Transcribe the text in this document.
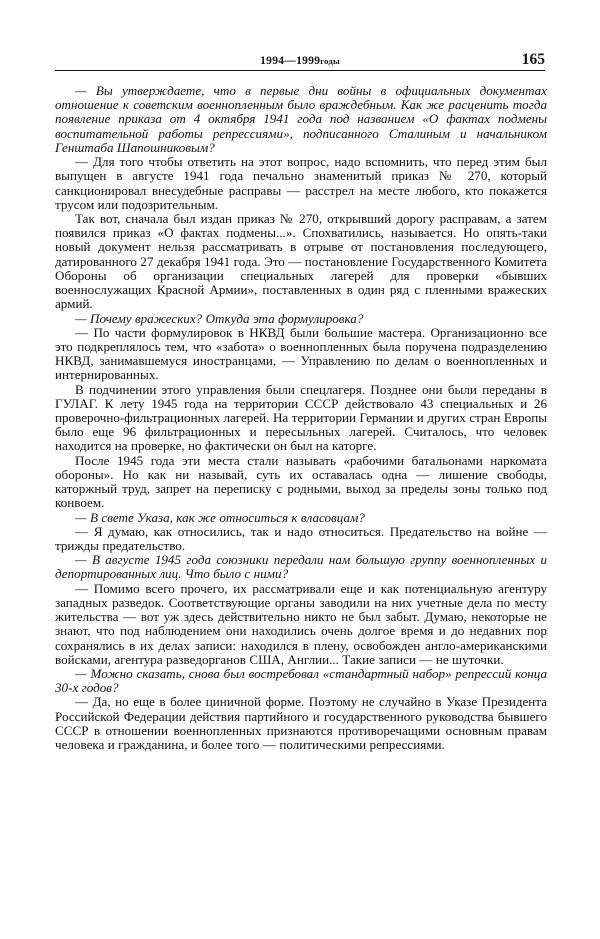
1994—1999годы	165

— Вы утверждаете, что в первые дни войны в официальных документах отношение к советским военнопленным было враждебным. Как же расценить тогда появление приказа от 4 октября 1941 года под названием «О фактах подмены воспитательной работы репрессиями», подписанного Сталиным и начальником Генштаба Шапошниковым?

— Для того чтобы ответить на этот вопрос, надо вспомнить, что перед этим был выпущен в августе 1941 года печально знаменитый приказ № 270, который санкционировал внесудебные расправы — расстрел на месте любого, кто покажется трусом или подозрительным.

Так вот, сначала был издан приказ № 270, открывший дорогу расправам, а затем появился приказ «О фактах подмены...». Спохватились, называется. Но опять-таки новый документ нельзя рассматривать в отрыве от постановления последующего, датированного 27 декабря 1941 года. Это — постановление Государственного Комитета Обороны об организации специальных лагерей для проверки «бывших военнослужащих Красной Армии», поставленных в один ряд с пленными вражеских армий.

— Почему вражеских? Откуда эта формулировка?

— По части формулировок в НКВД были большие мастера. Организационно все это подкреплялось тем, что «забота» о военнопленных была поручена подразделению НКВД, занимавшемуся иностранцами, — Управлению по делам о военнопленных и интернированных.

В подчинении этого управления были спецлагеря. Позднее они были переданы в ГУЛАГ. К лету 1945 года на территории СССР действовало 43 специальных и 26 проверочно-фильтрационных лагерей. На территории Германии и других стран Европы было еще 96 фильтрационных и пересыльных лагерей. Считалось, что человек находится на проверке, но фактически он был на каторге.

После 1945 года эти места стали называть «рабочими батальонами наркомата обороны». Но как ни называй, суть их оставалась одна — лишение свободы, каторжный труд, запрет на переписку с родными, выход за пределы зоны только под конвоем.

— В свете Указа, как же относиться к власовцам?

— Я думаю, как относились, так и надо относиться. Предательство на войне — трижды предательство.

— В августе 1945 года союзники передали нам большую группу военнопленных и депортированных лиц. Что было с ними?

— Помимо всего прочего, их рассматривали еще и как потенциальную агентуру западных разведок. Соответствующие органы заводили на них учетные дела по месту жительства — вот уж здесь действительно никто не был забыт. Думаю, некоторые не знают, что под наблюдением они находились очень долгое время и до недавних пор сохранялись в их делах записи: находился в плену, освобожден англо-американскими войсками, агентура разведорганов США, Англии... Такие записи — не шуточки.

— Можно сказать, снова был востребовал «стандартный набор» репрессий конца 30-х годов?

— Да, но еще в более циничной форме. Поэтому не случайно в Указе Президента Российской Федерации действия партийного и государственного руководства бывшего СССР в отношении военнопленных признаются противоречащими основным правам человека и гражданина, и более того — политическими репрессиями.
